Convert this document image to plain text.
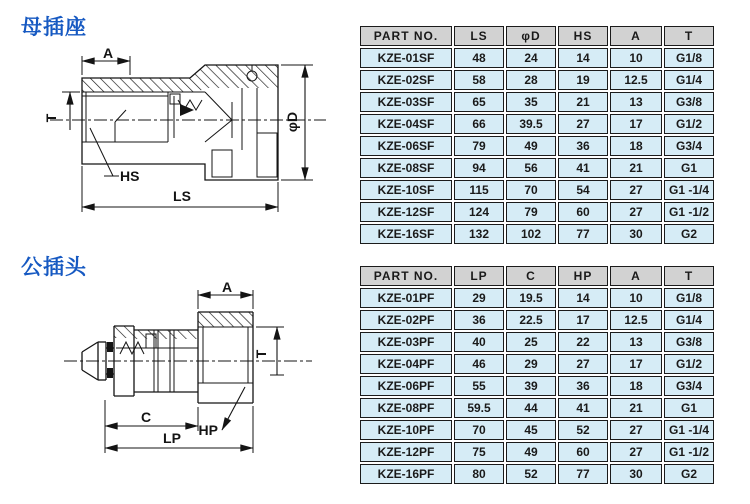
母插座
A
T	φD
LS
HS
PART NO.	LS	φD	HS	A	T
KZE-01SF	48	24	14	10	G1/8
KZE-02SF	58	28	19	12.5	G1/4
KZE-03SF	65	35	21	13	G3/8
KZE-04SF	66	39.5	27	17	G1/2
KZE-06SF	79	49	36	18	G3/4
KZE-08SF	94	56	41	21	G1
KZE-10SF	115	70	54	27	G1 -1/4
KZE-12SF	124	79	60	27	G1 -1/2
KZE-16SF	132	102	77	30	G2
公插头
A
T
C
LP HP
PART NO.	LP	C	HP	A	T
KZE-01PF	29	19.5	14	10	G1/8
KZE-02PF	36	22.5	17	12.5	G1/4
KZE-03PF	40	25	22	13	G3/8
KZE-04PF	46	29	27	17	G1/2
KZE-06PF	55	39	36	18	G3/4
KZE-08PF	59.5	44	41	21	G1
KZE-10PF	70	45	52	27	G1 -1/4
KZE-12PF	75	49	60	27	G1 -1/2
KZE-16PF	80	52	77	30	G2
